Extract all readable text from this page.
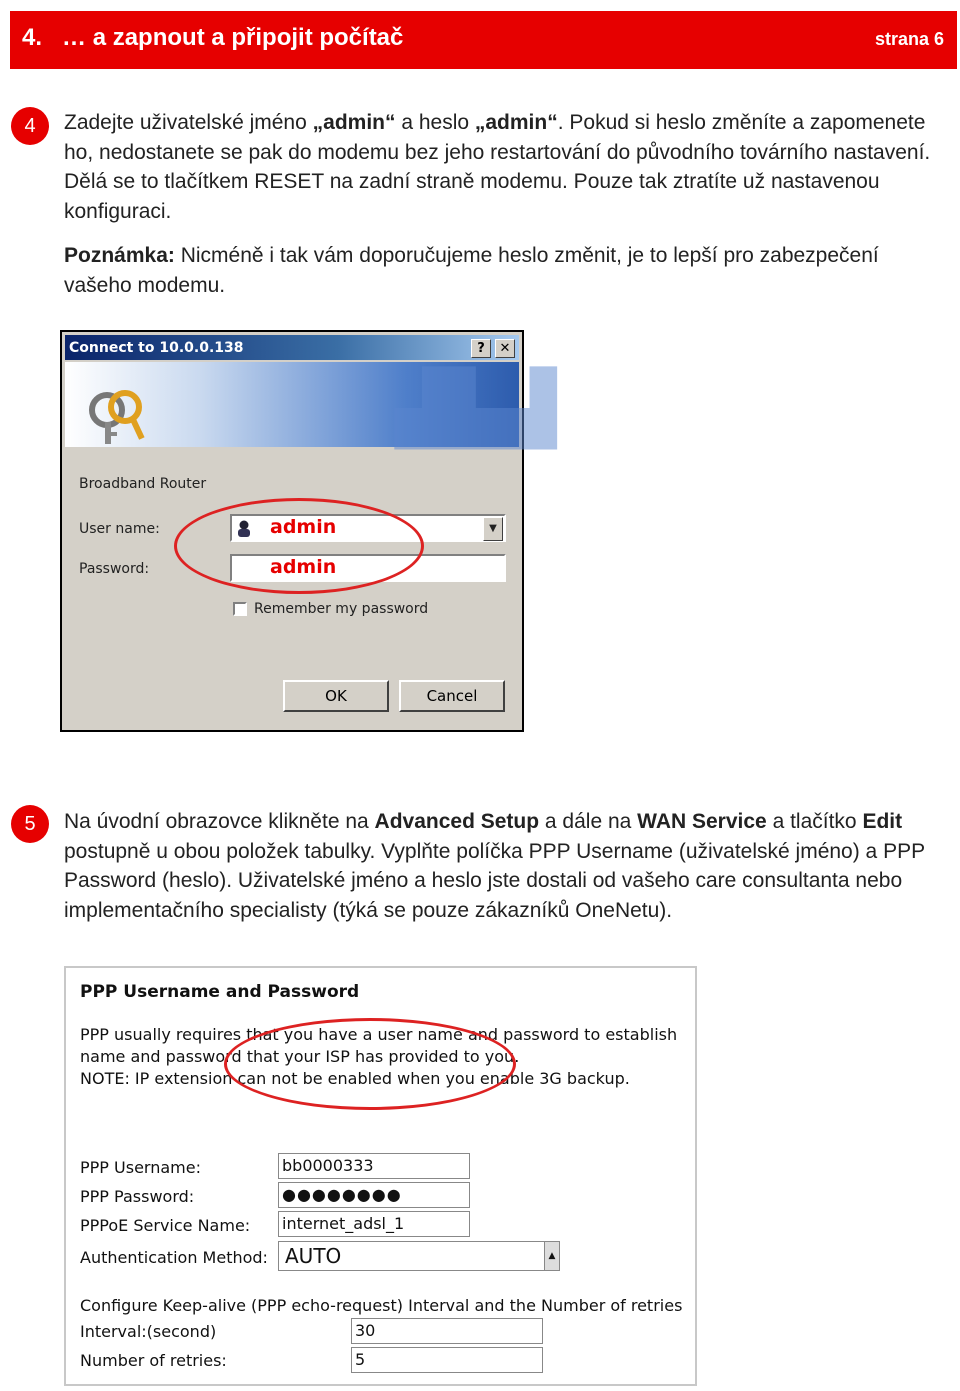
4.   … a zapnout a připojit počítač	strana 6
4	Zadejte uživatelské jméno „admin“ a heslo „admin“. Pokud si heslo změníte a zapomenete ho, nedostanete se pak do modemu bez jeho restartování do původního továrního nastavení. Dělá se to tlačítkem RESET na zadní straně modemu. Pouze tak ztratíte už nastavenou konfiguraci.
Poznámka: Nicméně i tak vám doporučujeme heslo změnit, je to lepší pro zabezpečení vašeho modemu.
Connect to 10.0.0.138	?	✕
▟▙▟
Broadband Router
User name:	admin	▼
Password:	admin
Remember my password
OK	Cancel
5	Na úvodní obrazovce klikněte na Advanced Setup a dále na WAN Service a tlačítko Edit postupně u obou položek tabulky. Vyplňte políčka PPP Username (uživatelské jméno) a PPP Password (heslo). Uživatelské jméno a heslo jste dostali od vašeho care consultanta nebo implementačního specialisty (týká se pouze zákazníků OneNetu).
PPP Username and Password
PPP usually requires that you have a user name and password to establish
name and password that your ISP has provided to you.
NOTE: IP extension can not be enabled when you enable 3G backup.
PPP Username:	bb0000333
PPP Password:	●●●●●●●●
PPPoE Service Name: internet_adsl_1
Authentication Method: AUTO	▲

Configure Keep-alive (PPP echo-request) Interval and the Number of retries
Interval:(second)	30
Number of retries:	5
